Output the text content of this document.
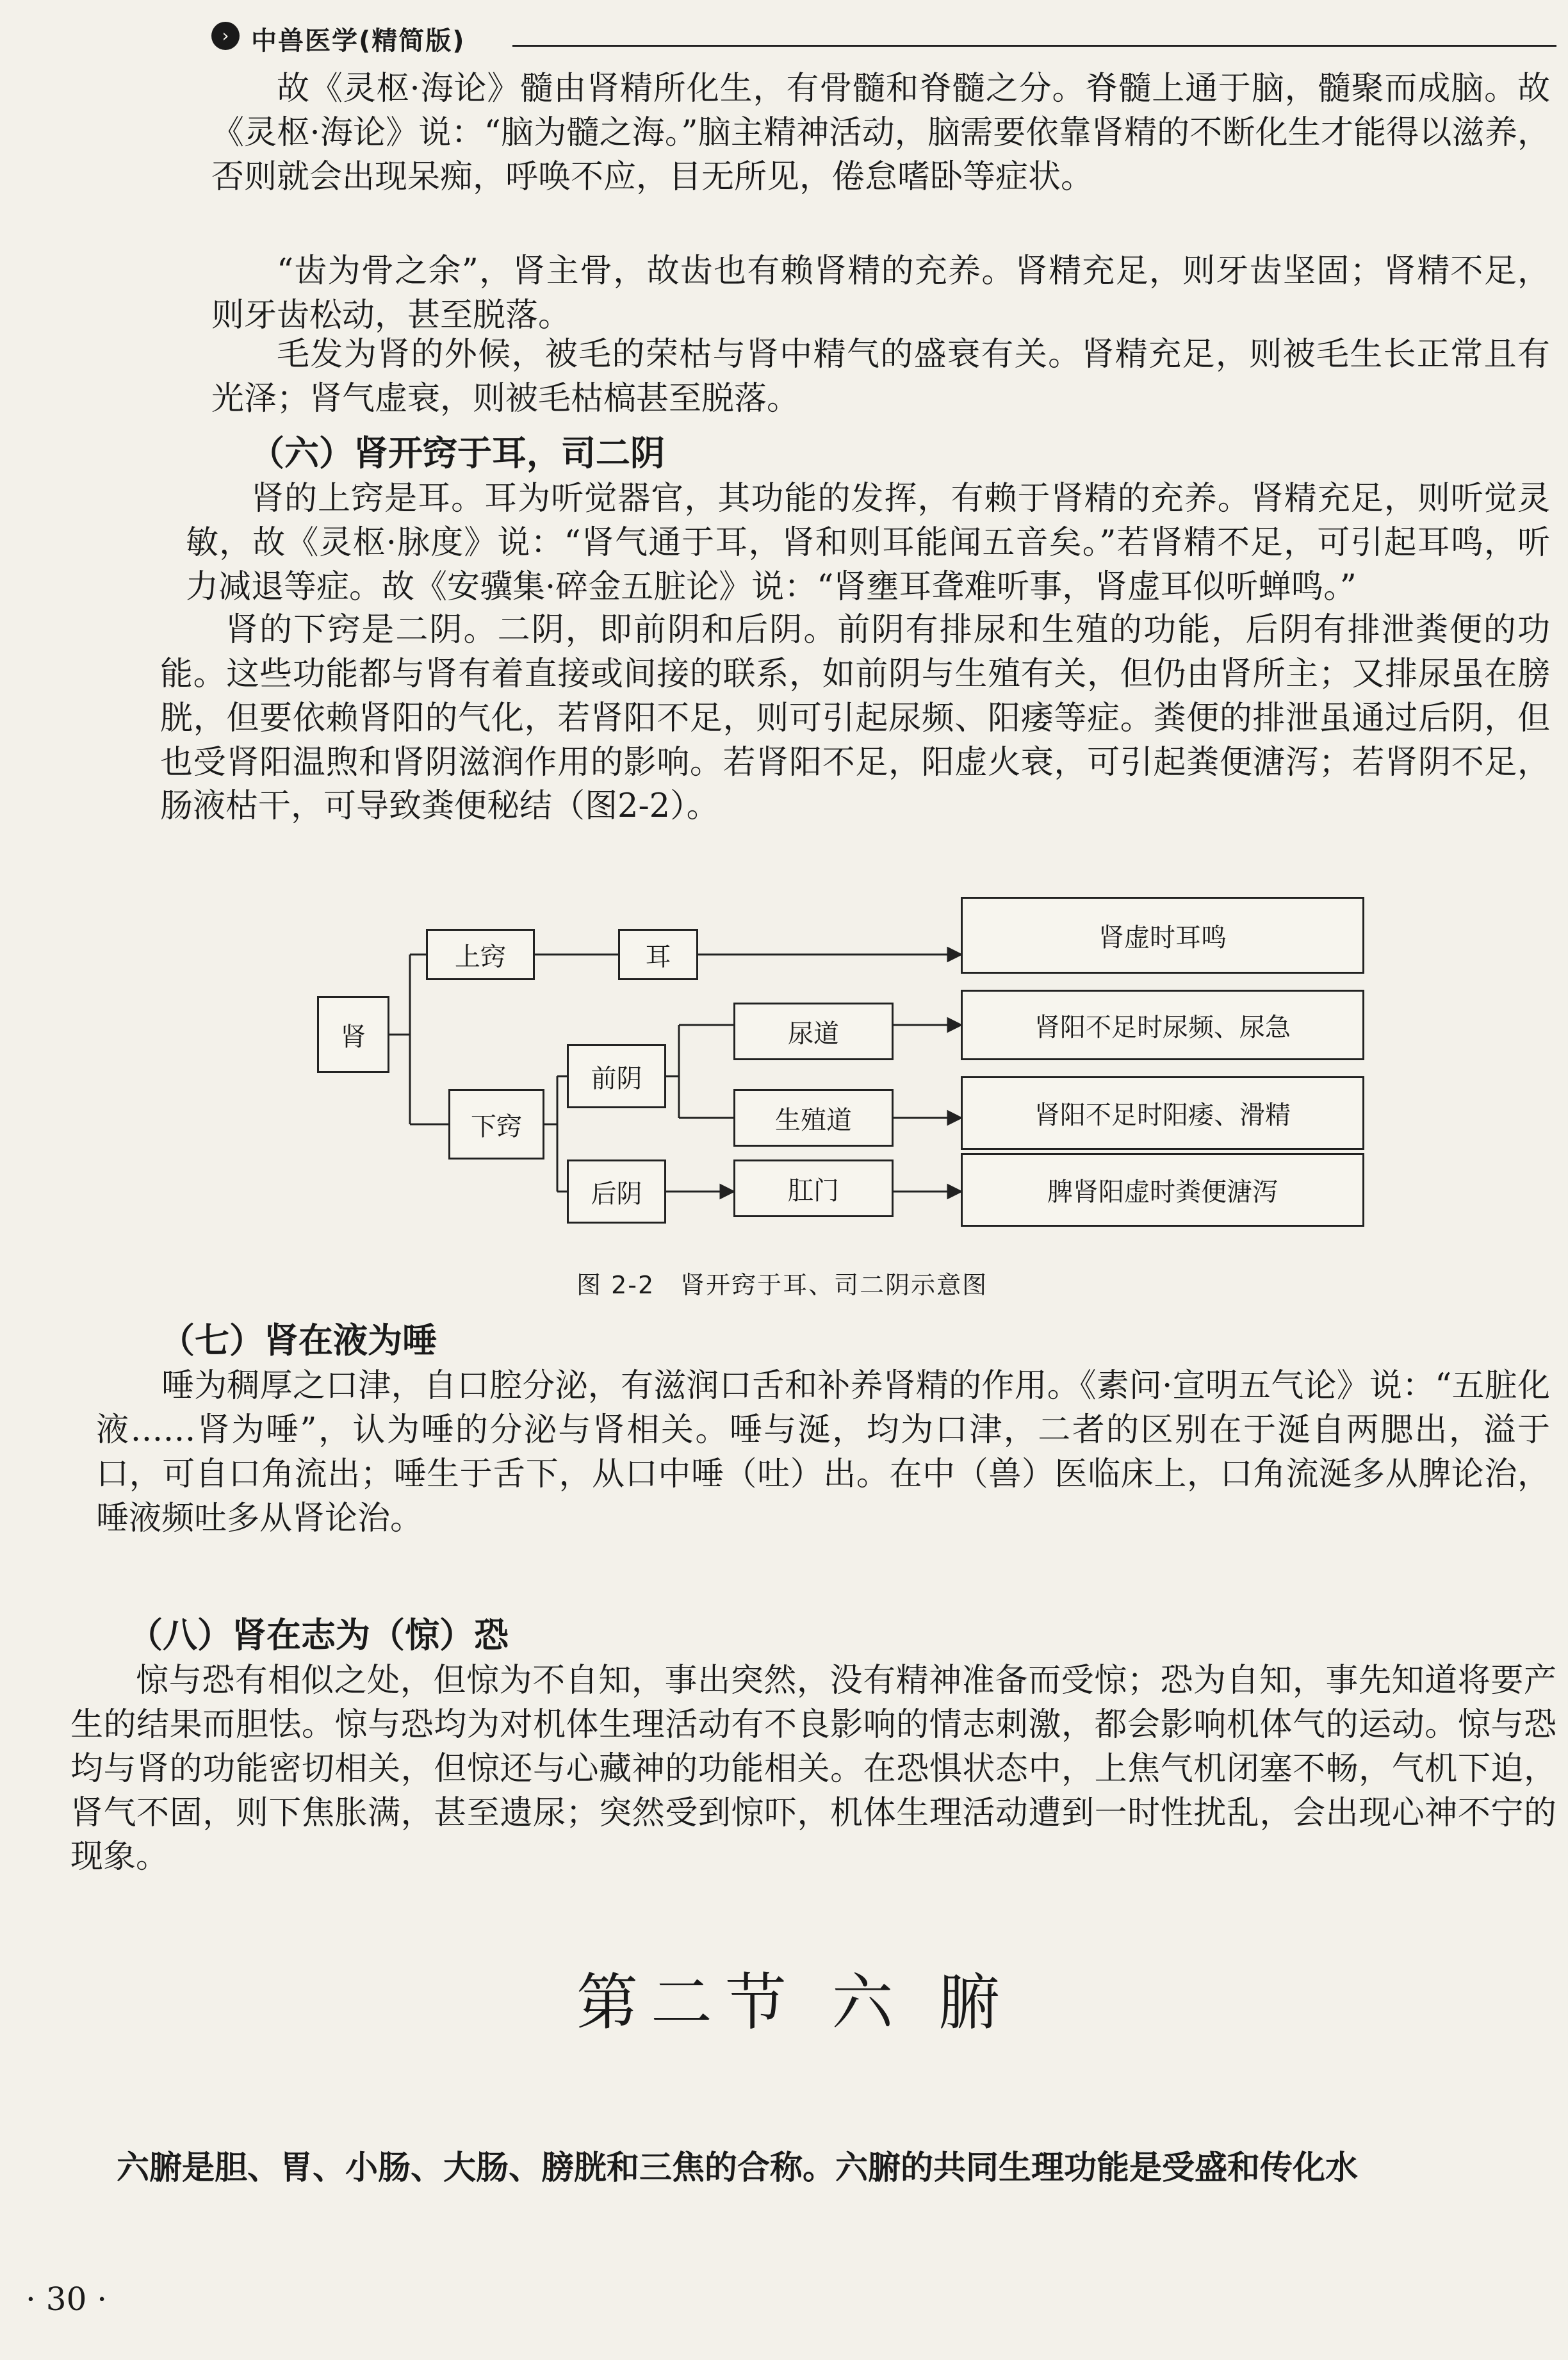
› 中兽医学(精简版)

故《灵枢·海论》髓由肾精所化生，有骨髓和脊髓之分。脊髓上通于脑，髓聚而成脑。故《灵枢·海论》说：“脑为髓之海。”脑主精神活动，脑需要依靠肾精的不断化生才能得以滋养，否则就会出现呆痴，呼唤不应，目无所见，倦怠嗜卧等症状。

“齿为骨之余”，肾主骨，故齿也有赖肾精的充养。肾精充足，则牙齿坚固；肾精不足，则牙齿松动，甚至脱落。

毛发为肾的外候，被毛的荣枯与肾中精气的盛衰有关。肾精充足，则被毛生长正常且有光泽；肾气虚衰，则被毛枯槁甚至脱落。

（六）肾开窍于耳，司二阴

肾的上窍是耳。耳为听觉器官，其功能的发挥，有赖于肾精的充养。肾精充足，则听觉灵敏，故《灵枢·脉度》说：“肾气通于耳，肾和则耳能闻五音矣。”若肾精不足，可引起耳鸣，听力减退等症。故《安骥集·碎金五脏论》说：“肾壅耳聋难听事，肾虚耳似听蝉鸣。”

肾的下窍是二阴。二阴，即前阴和后阴。前阴有排尿和生殖的功能，后阴有排泄粪便的功能。这些功能都与肾有着直接或间接的联系，如前阴与生殖有关，但仍由肾所主；又排尿虽在膀胱，但要依赖肾阳的气化，若肾阳不足，则可引起尿频、阳痿等症。粪便的排泄虽通过后阴，但也受肾阳温煦和肾阴滋润作用的影响。若肾阳不足，阳虚火衰，可引起粪便溏泻；若肾阴不足，肠液枯干，可导致粪便秘结（图2-2）。

肾
上窍	耳
肾虚时耳鸣
下窍
前阴
尿道	肾阳不足时尿频、尿急
生殖道	肾阳不足时阳痿、滑精
后阴	肛门	脾肾阳虚时粪便溏泻
图 2-2　肾开窍于耳、司二阴示意图
（七）肾在液为唾

唾为稠厚之口津，自口腔分泌，有滋润口舌和补养肾精的作用。《素问·宣明五气论》说：“五脏化液……肾为唾”，认为唾的分泌与肾相关。唾与涎，均为口津，二者的区别在于涎自两腮出，溢于口，可自口角流出；唾生于舌下，从口中唾（吐）出。在中（兽）医临床上，口角流涎多从脾论治，唾液频吐多从肾论治。

（八）肾在志为（惊）恐

惊与恐有相似之处，但惊为不自知，事出突然，没有精神准备而受惊；恐为自知，事先知道将要产生的结果而胆怯。惊与恐均为对机体生理活动有不良影响的情志刺激，都会影响机体气的运动。惊与恐均与肾的功能密切相关，但惊还与心藏神的功能相关。在恐惧状态中，上焦气机闭塞不畅，气机下迫，肾气不固，则下焦胀满，甚至遗尿；突然受到惊吓，机体生理活动遭到一时性扰乱，会出现心神不宁的现象。

第二节 六 腑

六腑是胆、胃、小肠、大肠、膀胱和三焦的合称。六腑的共同生理功能是受盛和传化水

· 30 ·
